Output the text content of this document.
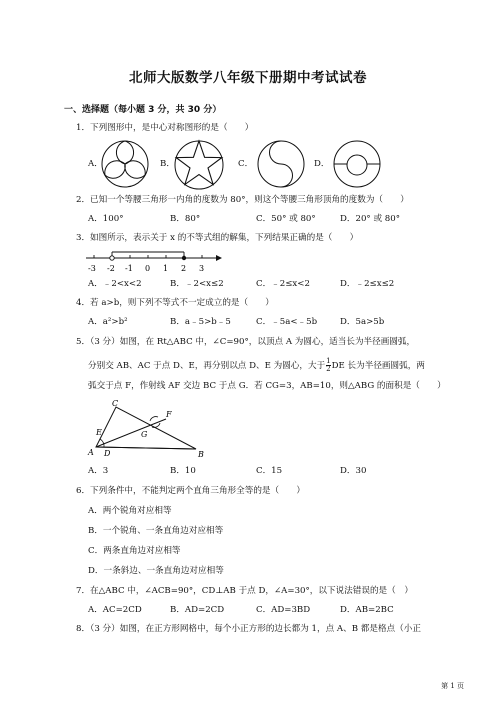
北师大版数学八年级下册期中考试试卷
一、选择题（每小题 3 分，共 30 分）
1．下列图形中，是中心对称图形的是（　　）
A．	B．	C．	D．
2．已知一个等腰三角形一内角的度数为 80°，则这个等腰三角形顶角的度数为（　　）
A．100°	B．80°	C．50° 或 80°	D．20° 或 80°
3．如图所示，表示关于 x 的不等式组的解集，下列结果正确的是（　　）
-3 -2 -1 0 1 2 3
A．﹣2<x<2	B．﹣2<x≤2	C．﹣2≤x<2	D．﹣2≤x≤2
4．若 a>b，则下列不等式不一定成立的是（　　）
A．a²>b²	B．a﹣5>b﹣5	C．﹣5a<﹣5b	D．5a>5b
5．（3 分）如图，在 Rt△ABC 中，∠C=90°，以顶点 A 为圆心，适当长为半径画圆弧，
分别交 AB、AC 于点 D、E，再分别以点 D、E 为圆心，大于 $\frac{1}{2}$ DE 长为半径画圆弧，两
弧交于点 F，作射线 AF 交边 BC 于点 G．若 CG=3，AB=10，则△ABG 的面积是（　　）
C
F
E	G
A D	B
A．3	B．10	C．15	D．30
6．下列条件中，不能判定两个直角三角形全等的是（　　）
A．两个锐角对应相等
B．一个锐角、一条直角边对应相等
C．两条直角边对应相等
D．一条斜边、一条直角边对应相等
7．在△ABC 中，∠ACB=90°，CD⊥AB 于点 D，∠A=30°，以下说法错误的是（　）
A．AC=2CD	B．AD=2CD	C．AD=3BD	D．AB=2BC
8．（3 分）如图，在正方形网格中，每个小正方形的边长都为 1，点 A、B 都是格点（小正
第 1 页
